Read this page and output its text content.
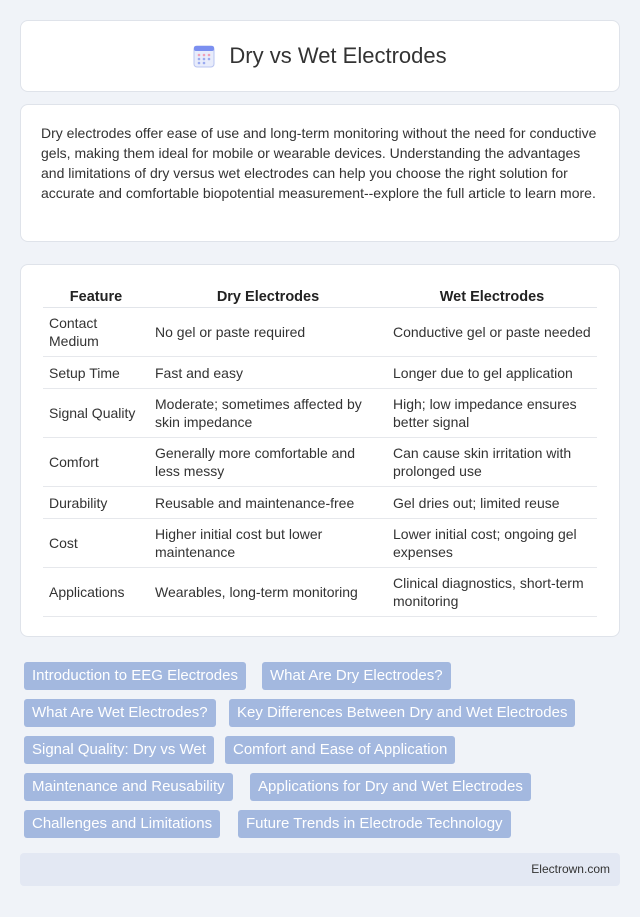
Dry vs Wet Electrodes

Dry electrodes offer ease of use and long-term monitoring without the need for conductive gels, making them ideal for mobile or wearable devices. Understanding the advantages and limitations of dry versus wet electrodes can help you choose the right solution for accurate and comfortable biopotential measurement--explore the full article to learn more.

Feature	Dry Electrodes	Wet Electrodes
Contact Medium	No gel or paste required	Conductive gel or paste needed
Setup Time	Fast and easy	Longer due to gel application
Signal Quality	Moderate; sometimes affected by skin impedance	High; low impedance ensures better signal
Comfort	Generally more comfortable and less messy	Can cause skin irritation with prolonged use
Durability	Reusable and maintenance-free	Gel dries out; limited reuse
Cost	Higher initial cost but lower maintenance	Lower initial cost; ongoing gel expenses
Applications	Wearables, long-term monitoring	Clinical diagnostics, short-term monitoring
Introduction to EEG Electrodes	What Are Dry Electrodes?
What Are Wet Electrodes?	Key Differences Between Dry and Wet Electrodes
Signal Quality: Dry vs Wet	Comfort and Ease of Application
Maintenance and Reusability	Applications for Dry and Wet Electrodes
Challenges and Limitations	Future Trends in Electrode Technology
Electrown.com
